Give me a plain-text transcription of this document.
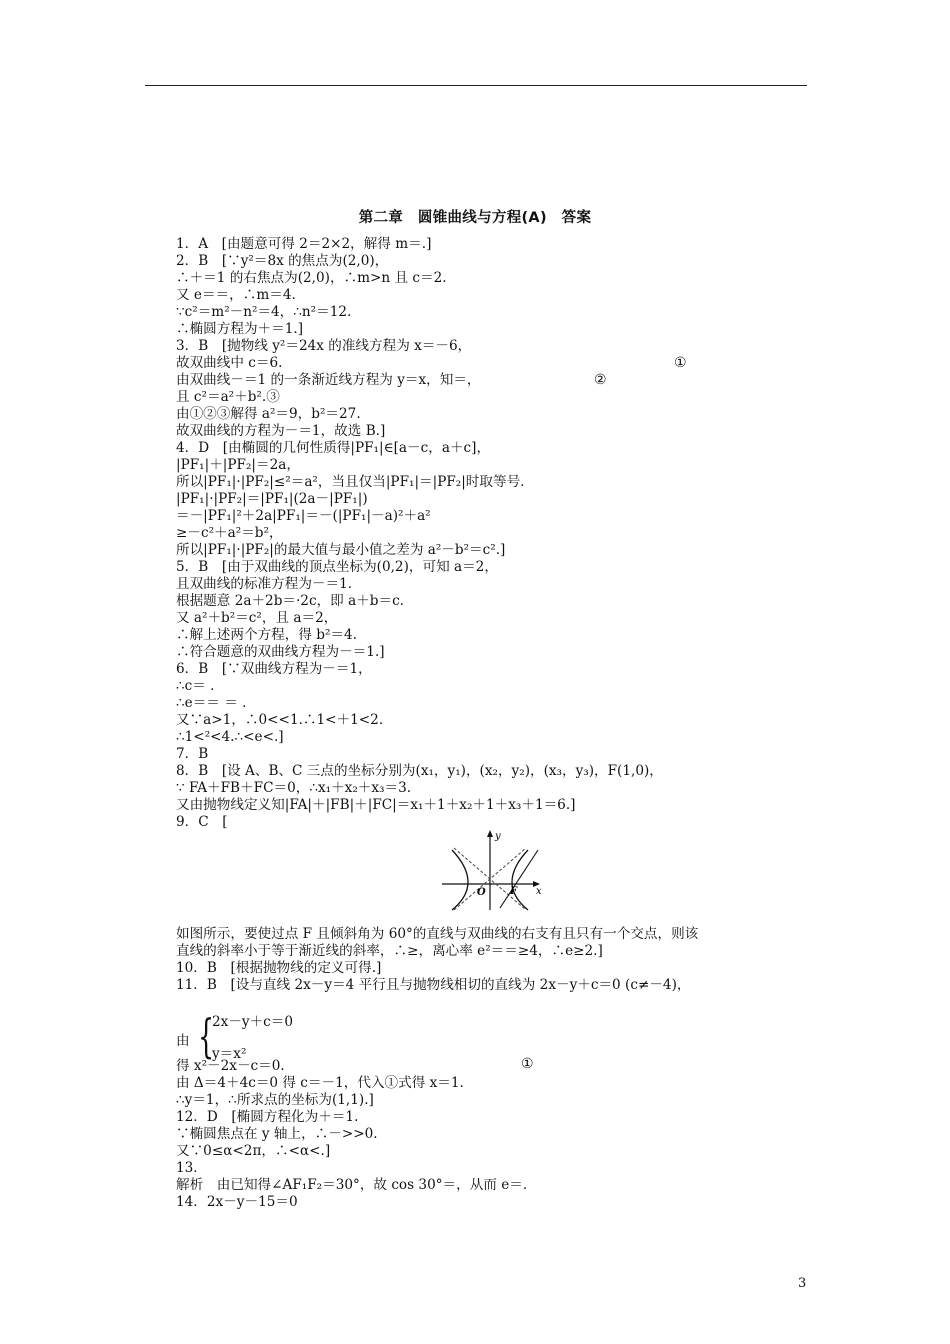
第二章　圆锥曲线与方程(A)　答案
1．A　[由题意可得 2＝2×2，解得 m＝.]
2．B　[∵y²＝8x 的焦点为(2,0)，
∴＋＝1 的右焦点为(2,0)，∴m>n 且 c＝2.
又 e＝＝，∴m＝4.
∵c²＝m²－n²＝4，∴n²＝12.
∴椭圆方程为＋＝1.]
3．B　[抛物线 y²＝24x 的准线方程为 x＝－6，
故双曲线中 c＝6.
由双曲线－＝1 的一条渐近线方程为 y＝x，知＝，
且 c²＝a²＋b².③
由①②③解得 a²＝9，b²＝27.
故双曲线的方程为－＝1，故选 B.]
4．D　[由椭圆的几何性质得|PF₁|∈[a－c，a＋c]，
|PF₁|＋|PF₂|＝2a，
所以|PF₁|·|PF₂|≤²＝a²，当且仅当|PF₁|＝|PF₂|时取等号.
|PF₁|·|PF₂|＝|PF₁|(2a－|PF₁|)
＝－|PF₁|²＋2a|PF₁|＝－(|PF₁|－a)²＋a²
≥－c²＋a²＝b²，
所以|PF₁|·|PF₂|的最大值与最小值之差为 a²－b²＝c².]
5．B　[由于双曲线的顶点坐标为(0,2)，可知 a＝2，
且双曲线的标准方程为－＝1.
根据题意 2a＋2b＝·2c，即 a＋b＝c.
又 a²＋b²＝c²，且 a＝2，
∴解上述两个方程，得 b²＝4.
∴符合题意的双曲线方程为－＝1.]
6．B　[∵双曲线方程为－＝1，
∴c＝ .
∴e＝＝ ＝ .
又∵a>1，∴0<<1.∴1<＋1<2.
∴1<²<4.∴<e<.]
7．B
8．B　[设 A、B、C 三点的坐标分别为(x₁，y₁)，(x₂，y₂)，(x₃，y₃)，F(1,0)，
∵ FA＋FB＋FC＝0，∴x₁＋x₂＋x₃＝3.
又由抛物线定义知|FA|＋|FB|＋|FC|＝x₁＋1＋x₂＋1＋x₃＋1＝6.]
9．C　[
如图所示，要使过点 F 且倾斜角为 60°的直线与双曲线的右支有且只有一个交点，则该
直线的斜率小于等于渐近线的斜率，∴≥，离心率 e²＝＝≥4，∴e≥2.]
10．B　[根据抛物线的定义可得.]
11．B　[设与直线 2x－y＝4 平行且与抛物线相切的直线为 2x－y＋c＝0 (c≠－4)，
得 x²－2x－c＝0.
由 Δ＝4＋4c＝0 得 c＝－1，代入①式得 x＝1.
∴y＝1，∴所求点的坐标为(1,1).]
12．D　[椭圆方程化为＋＝1.
∵椭圆焦点在 y 轴上，∴－>>0.
又∵0≤α<2π，∴<α<.]
13．
解析　由已知得∠AF₁F₂＝30°，故 cos 30°＝，从而 e＝.
14．2x－y－15＝0
①
②
①
y
x
O F
由 {
2x－y＋c＝0
y＝x²
3
